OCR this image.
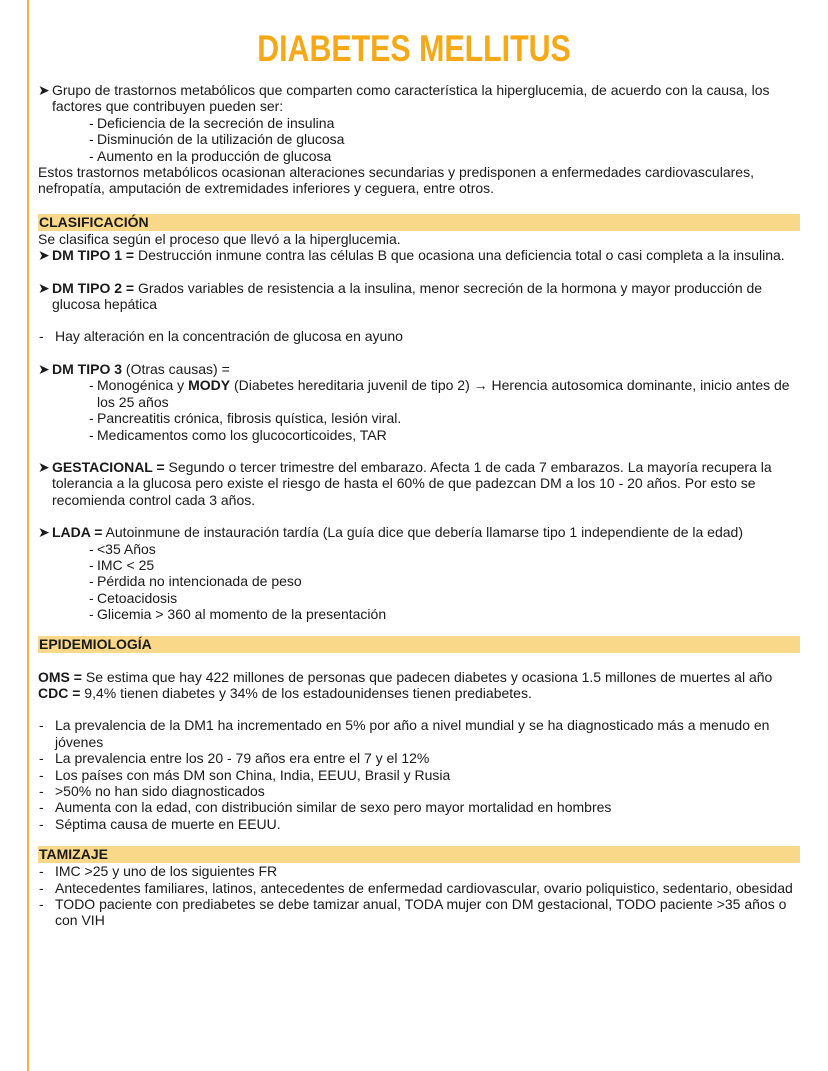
DIABETES MELLITUS
➤ Grupo de trastornos metabólicos que comparten como característica la hiperglucemia, de acuerdo con la causa, los factores que contribuyen pueden ser:
- Deficiencia de la secreción de insulina
- Disminución de la utilización de glucosa
- Aumento en la producción de glucosa

Estos trastornos metabólicos ocasionan alteraciones secundarias y predisponen a enfermedades cardiovasculares, nefropatía, amputación de extremidades inferiores y ceguera, entre otros.

CLASIFICACIÓN

Se clasifica según el proceso que llevó a la hiperglucemia.

➤ DM TIPO 1 = Destrucción inmune contra las células B que ocasiona una deficiencia total o casi completa a la insulina.
➤ DM TIPO 2 = Grados variables de resistencia a la insulina, menor secreción de la hormona y mayor producción de glucosa hepática
- Hay alteración en la concentración de glucosa en ayuno
➤ DM TIPO 3 (Otras causas) =
- Monogénica y MODY (Diabetes hereditaria juvenil de tipo 2) → Herencia autosomica dominante, inicio antes de los 25 años
- Pancreatitis crónica, fibrosis quística, lesión viral.
- Medicamentos como los glucocorticoides, TAR
➤ GESTACIONAL = Segundo o tercer trimestre del embarazo. Afecta 1 de cada 7 embarazos. La mayoría recupera la tolerancia a la glucosa pero existe el riesgo de hasta el 60% de que padezcan DM a los 10 - 20 años. Por esto se recomienda control cada 3 años.
➤ LADA = Autoinmune de instauración tardía (La guía dice que debería llamarse tipo 1 independiente de la edad)
- <35 Años
- IMC < 25
- Pérdida no intencionada de peso
- Cetoacidosis
- Glicemia > 360 al momento de la presentación
EPIDEMIOLOGÍA

OMS = Se estima que hay 422 millones de personas que padecen diabetes y ocasiona 1.5 millones de muertes al año

CDC = 9,4% tienen diabetes y 34% de los estadounidenses tienen prediabetes.

- La prevalencia de la DM1 ha incrementado en 5% por año a nivel mundial y se ha diagnosticado más a menudo en jóvenes
- La prevalencia entre los 20 - 79 años era entre el 7 y el 12%
- Los países con más DM son China, India, EEUU, Brasil y Rusia
- >50% no han sido diagnosticados
- Aumenta con la edad, con distribución similar de sexo pero mayor mortalidad en hombres
- Séptima causa de muerte en EEUU.
TAMIZAJE
- IMC >25 y uno de los siguientes FR
- Antecedentes familiares, latinos, antecedentes de enfermedad cardiovascular, ovario poliquistico, sedentario, obesidad
- TODO paciente con prediabetes se debe tamizar anual, TODA mujer con DM gestacional, TODO paciente >35 años o con VIH
